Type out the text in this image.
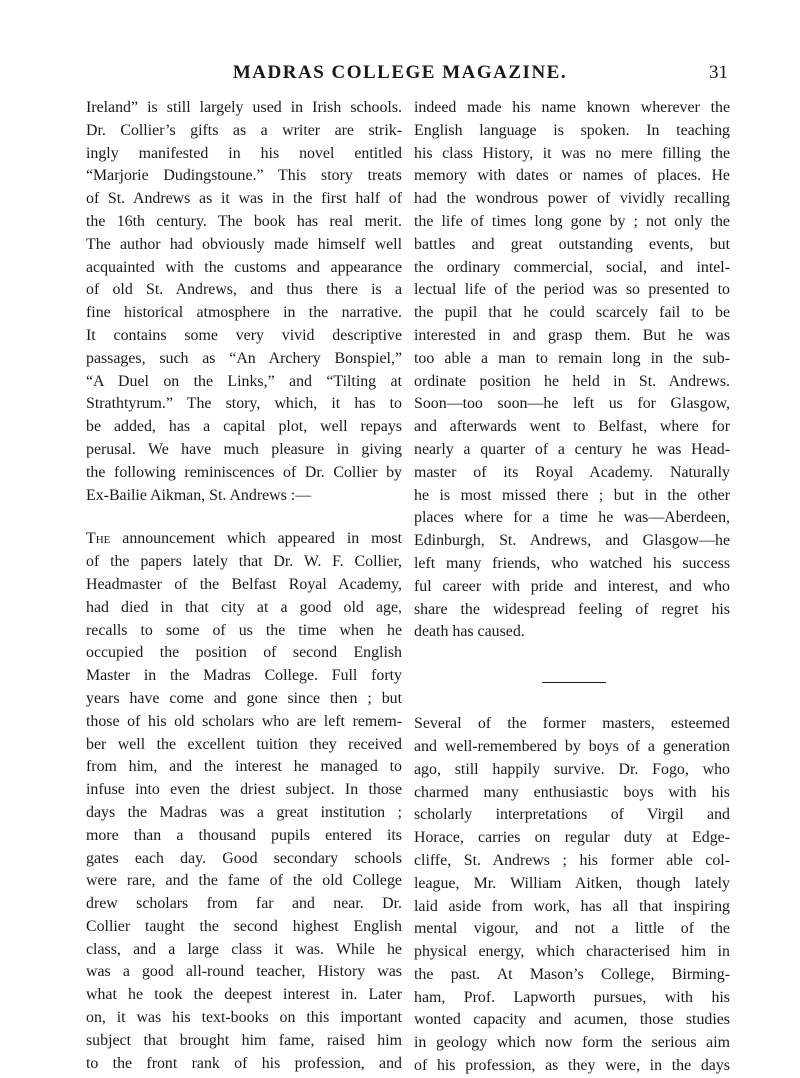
MADRAS COLLEGE MAGAZINE.	31
Ireland” is still largely used in Irish schools.
Dr. Collier’s gifts as a writer are strik-
ingly manifested in his novel entitled
“Marjorie Dudingstoune.” This story treats
of St. Andrews as it was in the first half of
the 16th century. The book has real merit.
The author had obviously made himself well
acquainted with the customs and appearance
of old St. Andrews, and thus there is a
fine historical atmosphere in the narrative.
It contains some very vivid descriptive
passages, such as “An Archery Bonspiel,”
“A Duel on the Links,” and “Tilting at
Strathtyrum.” The story, which, it has to
be added, has a capital plot, well repays
perusal. We have much pleasure in giving
the following reminiscences of Dr. Collier by
Ex-Bailie Aikman, St. Andrews :—
The announcement which appeared in most
of the papers lately that Dr. W. F. Collier,
Headmaster of the Belfast Royal Academy,
had died in that city at a good old age,
recalls to some of us the time when he
occupied the position of second English
Master in the Madras College. Full forty
years have come and gone since then ; but
those of his old scholars who are left remem-
ber well the excellent tuition they received
from him, and the interest he managed to
infuse into even the driest subject. In those
days the Madras was a great institution ;
more than a thousand pupils entered its
gates each day. Good secondary schools
were rare, and the fame of the old College
drew scholars from far and near. Dr.
Collier taught the second highest English
class, and a large class it was. While he
was a good all-round teacher, History was
what he took the deepest interest in. Later
on, it was his text-books on this important
subject that brought him fame, raised him
to the front rank of his profession, and
indeed made his name known wherever the
English language is spoken. In teaching
his class History, it was no mere filling the
memory with dates or names of places. He
had the wondrous power of vividly recalling
the life of times long gone by ; not only the
battles and great outstanding events, but
the ordinary commercial, social, and intel-
lectual life of the period was so presented to
the pupil that he could scarcely fail to be
interested in and grasp them. But he was
too able a man to remain long in the sub-
ordinate position he held in St. Andrews.
Soon—too soon—he left us for Glasgow,
and afterwards went to Belfast, where for
nearly a quarter of a century he was Head-
master of its Royal Academy. Naturally
he is most missed there ; but in the other
places where for a time he was—Aberdeen,
Edinburgh, St. Andrews, and Glasgow—he
left many friends, who watched his success
ful career with pride and interest, and who
share the widespread feeling of regret his
death has caused.
Several of the former masters, esteemed
and well-remembered by boys of a generation
ago, still happily survive. Dr. Fogo, who
charmed many enthusiastic boys with his
scholarly interpretations of Virgil and
Horace, carries on regular duty at Edge-
cliffe, St. Andrews ; his former able col-
league, Mr. William Aitken, though lately
laid aside from work, has all that inspiring
mental vigour, and not a little of the
physical energy, which characterised him in
the past. At Mason’s College, Birming-
ham, Prof. Lapworth pursues, with his
wonted capacity and acumen, those studies
in geology which now form the serious aim
of his profession, as they were, in the days
